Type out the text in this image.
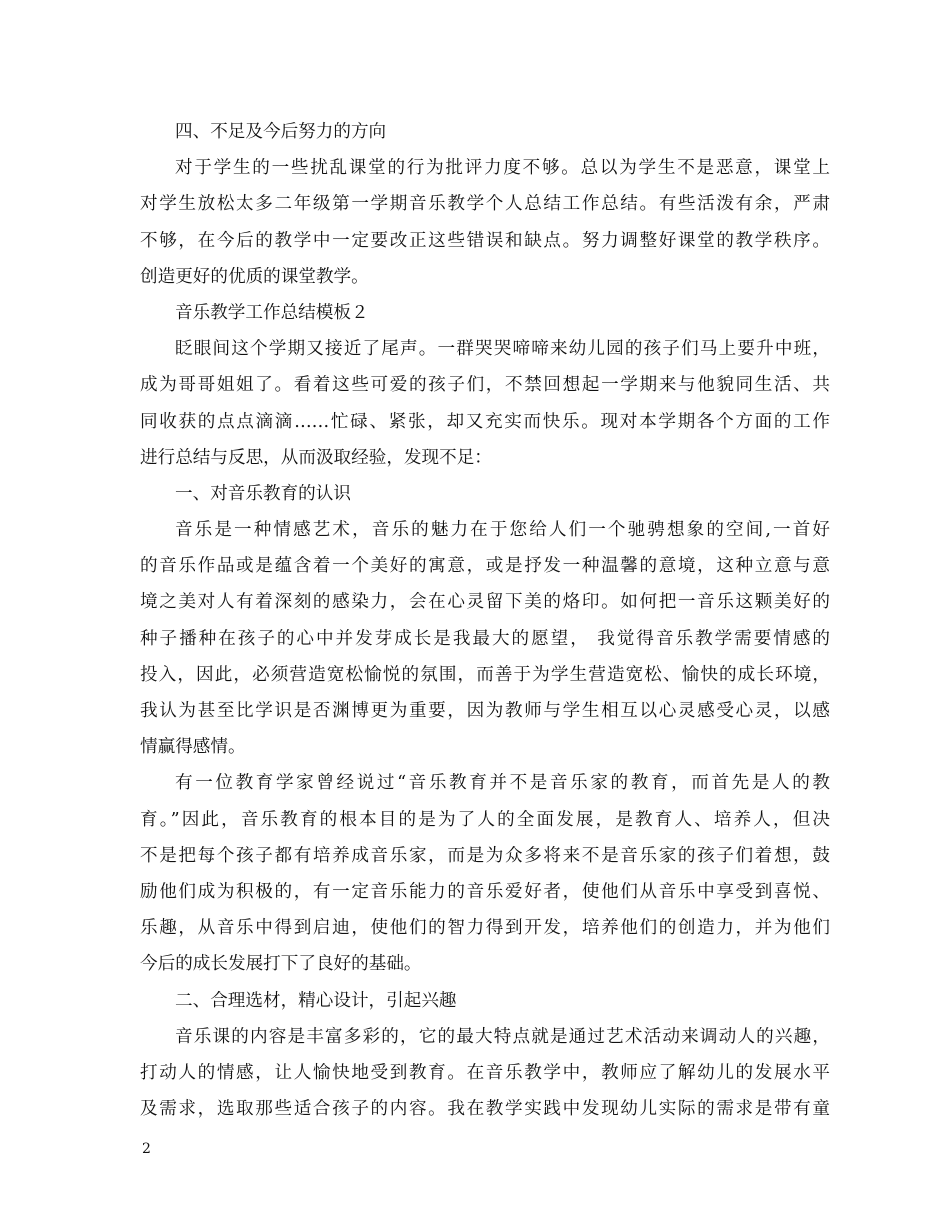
四、不足及今后努力的方向
对于学生的一些扰乱课堂的行为批评力度不够。总以为学生不是恶意，课堂上
对学生放松太多二年级第一学期音乐教学个人总结工作总结。有些活泼有余，严肃
不够，在今后的教学中一定要改正这些错误和缺点。努力调整好课堂的教学秩序。
创造更好的优质的课堂教学。
音乐教学工作总结模板２
眨眼间这个学期又接近了尾声。一群哭哭啼啼来幼儿园的孩子们马上要升中班，
成为哥哥姐姐了。看着这些可爱的孩子们，不禁回想起一学期来与他貌同生活、共
同收获的点点滴滴……忙碌、紧张，却又充实而快乐。现对本学期各个方面的工作
进行总结与反思，从而汲取经验，发现不足：
一、对音乐教育的认识
音乐是一种情感艺术，音乐的魅力在于您给人们一个驰骋想象的空间,一首好
的音乐作品或是蕴含着一个美好的寓意，或是抒发一种温馨的意境，这种立意与意
境之美对人有着深刻的感染力，会在心灵留下美的烙印。如何把一音乐这颗美好的
种子播种在孩子的心中并发芽成长是我最大的愿望， 我觉得音乐教学需要情感的
投入，因此，必须营造宽松愉悦的氛围，而善于为学生营造宽松、愉快的成长环境，
我认为甚至比学识是否渊博更为重要，因为教师与学生相互以心灵感受心灵，以感
情赢得感情。
有一位教育学家曾经说过“音乐教育并不是音乐家的教育，而首先是人的教
育。”因此，音乐教育的根本目的是为了人的全面发展，是教育人、培养人，但决
不是把每个孩子都有培养成音乐家，而是为众多将来不是音乐家的孩子们着想，鼓
励他们成为积极的，有一定音乐能力的音乐爱好者，使他们从音乐中享受到喜悦、
乐趣，从音乐中得到启迪，使他们的智力得到开发，培养他们的创造力，并为他们
今后的成长发展打下了良好的基础。
二、合理选材，精心设计，引起兴趣
音乐课的内容是丰富多彩的，它的最大特点就是通过艺术活动来调动人的兴趣，
打动人的情感，让人愉快地受到教育。在音乐教学中，教师应了解幼儿的发展水平
及需求，选取那些适合孩子的内容。我在教学实践中发现幼儿实际的需求是带有童
2
